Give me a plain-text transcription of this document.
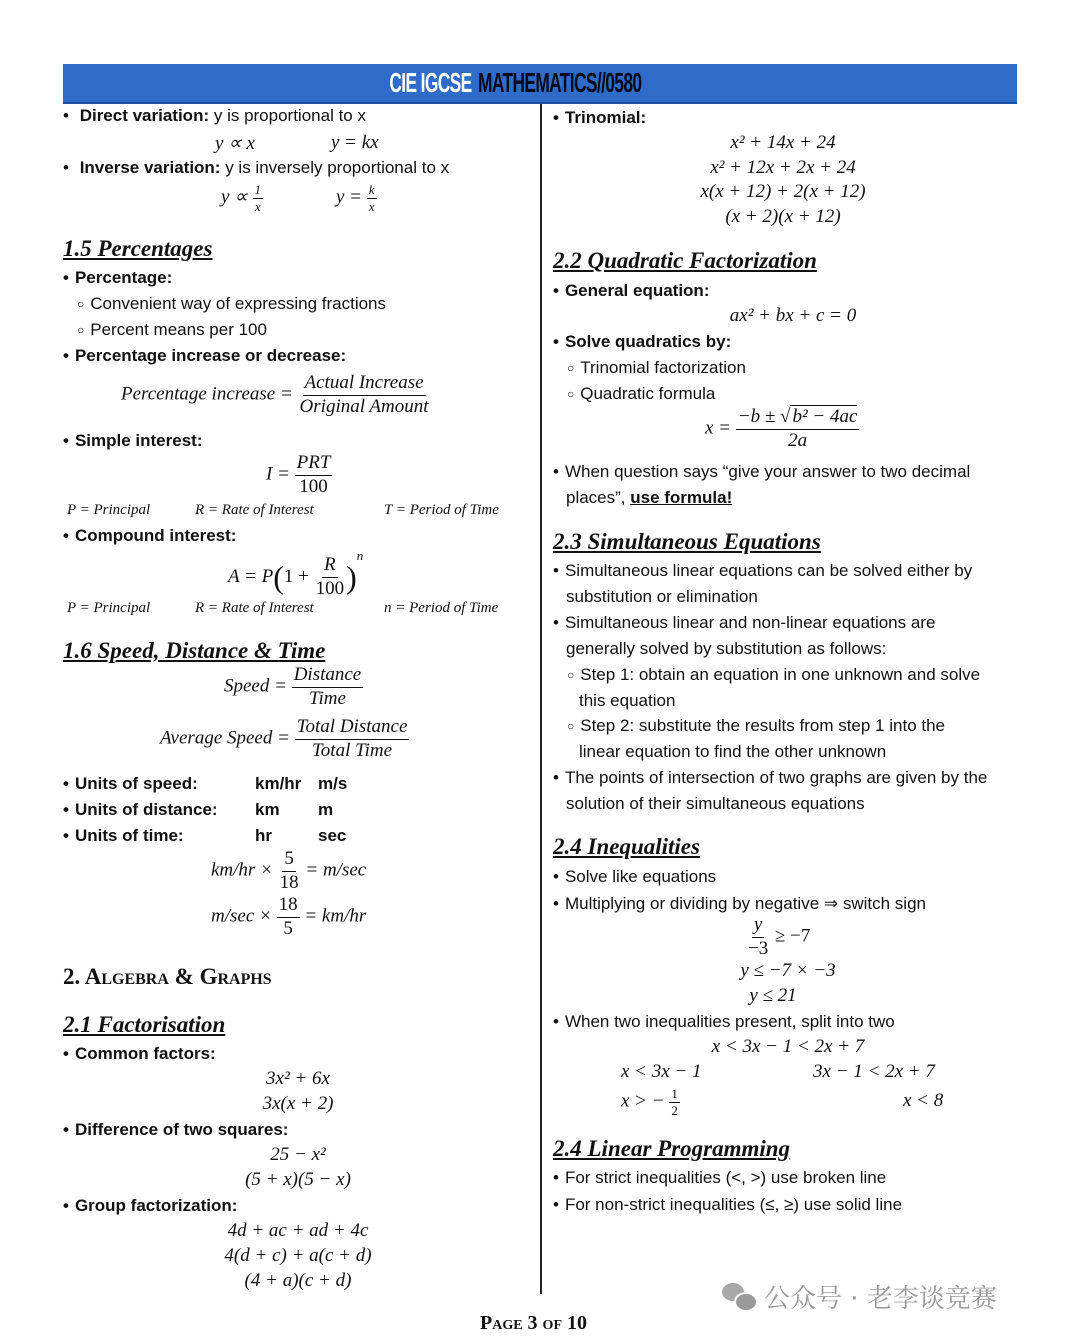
CIE IGCSE MATHEMATICS//0580
• Direct variation: y is proportional to x
y ∝ x	y = kx
• Inverse variation: y is inversely proportional to x
$y \propto \frac{1}{x}$	$y = \frac{k}{x}$
1.5 Percentages
• Percentage:
○ Convenient way of expressing fractions
○ Percent means per 100
• Percentage increase or decrease:
Percentage increase = $\frac{\text{Actual Increase}}{\text{Original Amount}}$
• Simple interest:
$I = \frac{\text{PRT}}{100}$
P = Principal	R = Rate of Interest	T = Period of Time
• Compound interest:
$A = P(1 + \frac{R}{100} )^n$
P = Principal	R = Rate of Interest	n = Period of Time
1.6 Speed, Distance & Time
Speed = $\frac{\text{Distance}}{\text{Time}}$
Average Speed = $\frac{\text{Total Distance}}{\text{Total Time}}$
• Units of speed:	km/hr m/s
• Units of distance: km m
• Units of time:	hr	sec
$km/hr \times \frac{5}{18} = m/\sec$
$m/\sec \times \frac{18}{5} = km/hr$
2. Algebra & Graphs
2.1 Factorisation
• Common factors:
3x² + 6x
3x(x + 2)
• Difference of two squares:
25 − x²
(5 + x)(5 − x)
• Group factorization:
4d + ac + ad + 4c
4(d + c) + a(c + d)
(4 + a)(c + d)
• Trinomial:
x² + 14x + 24
x² + 12x + 2x + 24
x(x + 12) + 2(x + 12)
(x + 2)(x + 12)
2.2 Quadratic Factorization
• General equation:
ax² + bx + c = 0
• Solve quadratics by:
○ Trinomial factorization
○ Quadratic formula
$x = \frac{\text{−b ± √ b² − 4ac}}{2a}$
• When question says “give your answer to two decimal
places”, use formula!
2.3 Simultaneous Equations
• Simultaneous linear equations can be solved either by
substitution or elimination
• Simultaneous linear and non-linear equations are
generally solved by substitution as follows:
○ Step 1: obtain an equation in one unknown and solve
this equation
○ Step 2: substitute the results from step 1 into the
linear equation to find the other unknown
• The points of intersection of two graphs are given by the
solution of their simultaneous equations
2.4 Inequalities
• Solve like equations
• Multiplying or dividing by negative ⇒ switch sign
$\frac{y}{-3} \ge -7$
y ≤ −7 × −3
y ≤ 21
• When two inequalities present, split into two
x < 3x − 1 < 2x + 7
x < 3x − 1	3x − 1 < 2x + 7
x > − $\frac{1}{2}$	x < 8
2.4 Linear Programming
• For strict inequalities (<, >) use broken line
• For non-strict inequalities (≤, ≥) use solid line
Page 3 of 10
公众号 · 老李谈竞赛
